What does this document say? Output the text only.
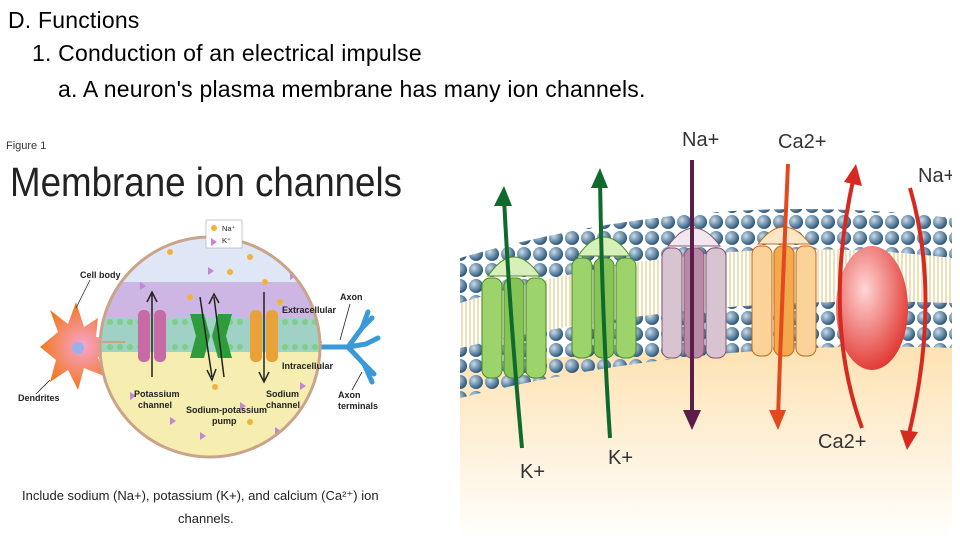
D. Functions
1. Conduction of an electrical impulse
a. A neuron's plasma membrane has many ion channels.
Figure 1
Membrane ion channels
Na⁺
K⁺
Cell body
Dendrites
Axon
Axon
terminals
Extracellular
Intracellular
Potassium
channel Sodium-potassium
pump
Sodium
channel
Include sodium (Na+), potassium (K+), and calcium (Ca²⁺) ion
channels.
Na+	Ca2+
Na+
K+
K+
Ca2+
